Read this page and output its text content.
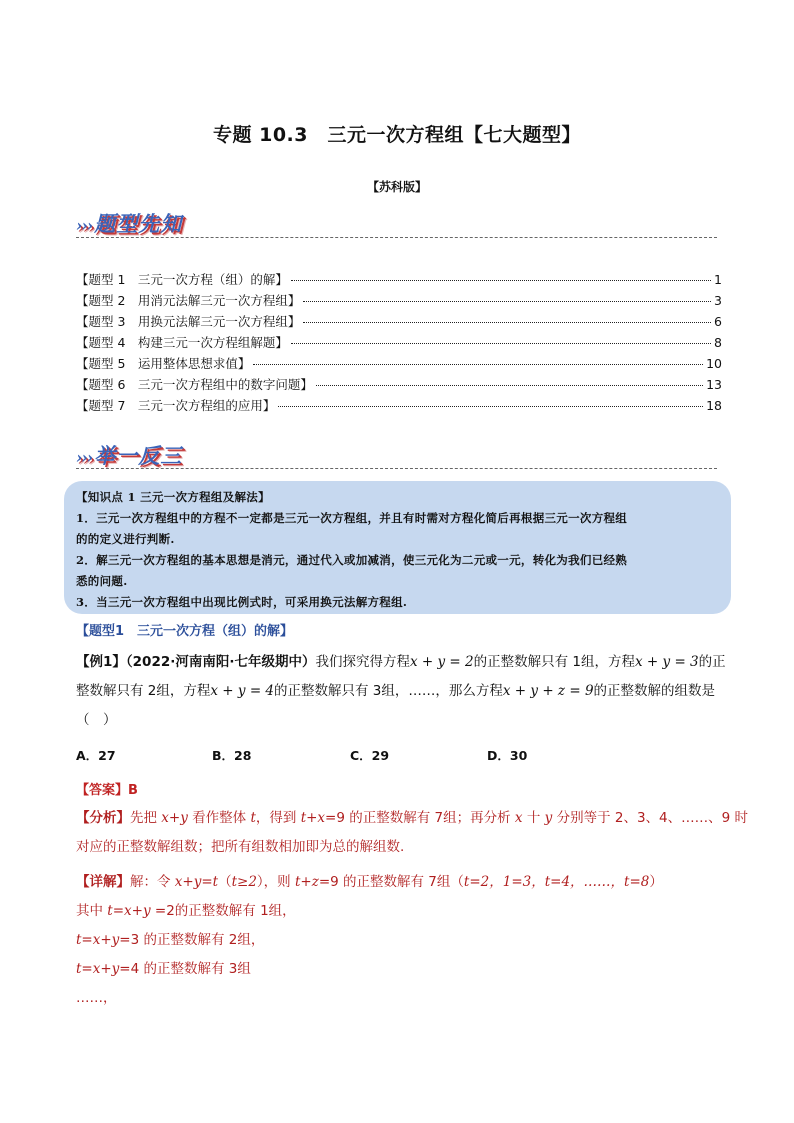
专题 10.3　三元一次方程组【七大题型】
【苏科版】
›››题型先知
【题型 1　三元一次方程（组）的解】	1
【题型 2　用消元法解三元一次方程组】	3
【题型 3　用换元法解三元一次方程组】	6
【题型 4　构建三元一次方程组解题】	8
【题型 5　运用整体思想求值】	10
【题型 6　三元一次方程组中的数字问题】	13
【题型 7　三元一次方程组的应用】	18
›››举一反三
【知识点 1 三元一次方程组及解法】
1．三元一次方程组中的方程不一定都是三元一次方程组，并且有时需对方程化简后再根据三元一次方程组
的的定义进行判断.
2．解三元一次方程组的基本思想是消元，通过代入或加减消，使三元化为二元或一元，转化为我们已经熟
悉的问题.
3．当三元一次方程组中出现比例式时，可采用换元法解方程组.
【题型1　三元一次方程（组）的解】
【例1】（2022·河南南阳·七年级期中）我们探究得方程x + y = 2的正整数解只有 1组，方程x + y = 3的正
整数解只有 2组，方程x + y = 4的正整数解只有 3组，……，那么方程x + y + z = 9的正整数解的组数是
（　）
A．27	B．28	C．29	D．30
【答案】B
【分析】先把 x+y 看作整体 t，得到 t+x=9 的正整数解有 7组；再分析 x 十 y 分别等于 2、3、4、……、9 时
对应的正整数解组数；把所有组数相加即为总的解组数.
【详解】解：令 x+y=t（t≥2），则 t+z=9 的正整数解有 7组（t=2，1=3，t=4，……，t=8）
其中 t=x+y =2的正整数解有 1组，
t=x+y=3 的正整数解有 2组，
t=x+y=4 的正整数解有 3组
……，
